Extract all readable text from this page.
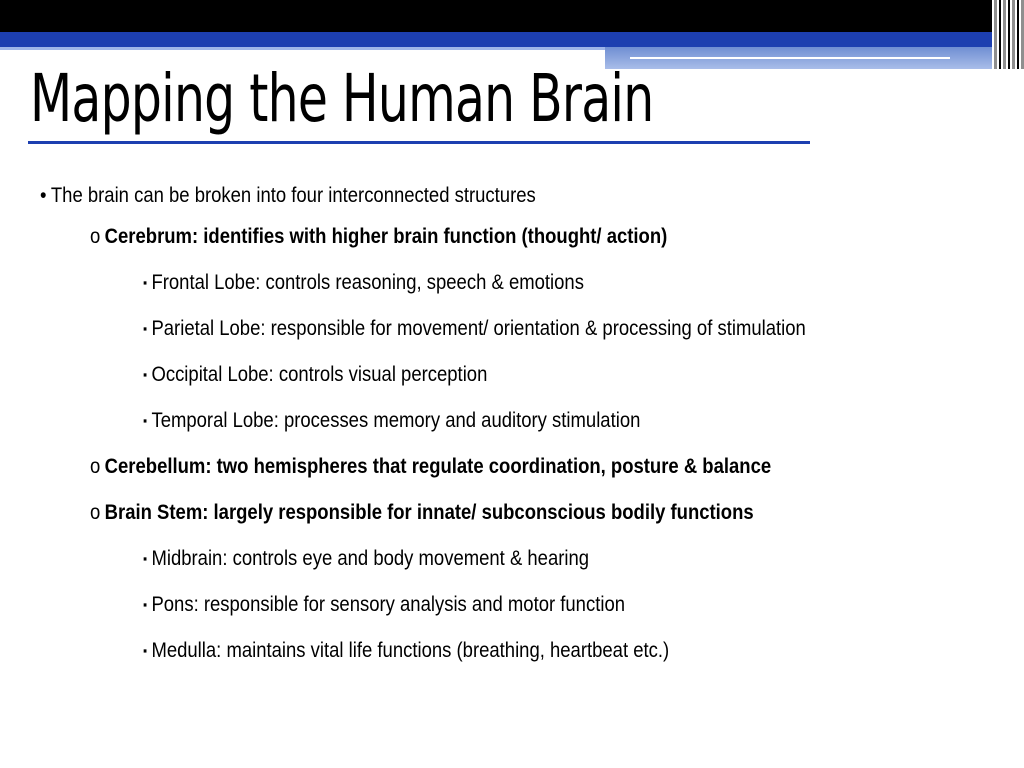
Mapping the Human Brain
• The brain can be broken into four interconnected structures
o Cerebrum: identifies with higher brain function (thought/ action)
▪ Frontal Lobe: controls reasoning, speech & emotions
▪ Parietal Lobe: responsible for movement/ orientation & processing of stimulation
▪ Occipital Lobe: controls visual perception
▪ Temporal Lobe: processes memory and auditory stimulation
o Cerebellum: two hemispheres that regulate coordination, posture & balance
o Brain Stem: largely responsible for innate/ subconscious bodily functions
▪ Midbrain: controls eye and body movement & hearing
▪ Pons: responsible for sensory analysis and motor function
▪ Medulla: maintains vital life functions (breathing, heartbeat etc.)
